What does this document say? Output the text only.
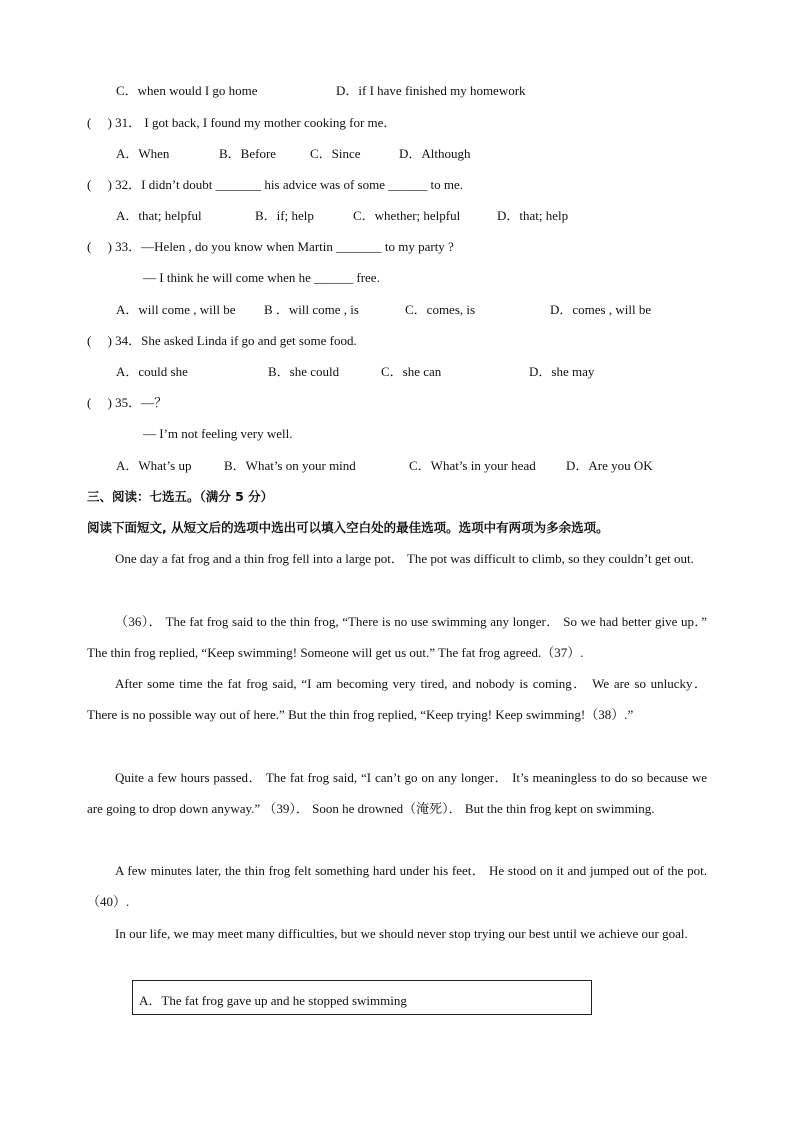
C．when would I go home	D．if I have finished my homework
(　 ) 31． I got back, I found my mother cooking for me．
A．When	B．Before	C．Since	D．Although
(　 ) 32．I didn’t doubt _______ his advice was of some ______ to me.
A．that; helpful	B．if; help	C．whether; helpful	D．that; help
(　 ) 33．—Helen , do you know when Martin _______ to my party ?
— I think he will come when he ______ free.
A．will come , will be B ．will come , is	C．comes, is	D．comes , will be
(　 ) 34．She asked Linda if go and get some food.
A．could she	B．she could	C．she can	D．she may
(　 ) 35．—？
— I’m not feeling very well.
A．What’s up	B．What’s on your mind	C．What’s in your head D．Are you OK
三、阅读：七选五。（满分 5 分）
阅读下面短文, 从短文后的选项中选出可以填入空白处的最佳选项。选项中有两项为多余选项。
One day a fat frog and a thin frog fell into a large pot． The pot was difficult to climb, so they couldn’t get out.
（36）． The fat frog said to the thin frog, “There is no use swimming any longer． So we had better give up．” The thin frog replied, “Keep swimming! Someone will get us out.” The fat frog agreed.（37）.
After some time the fat frog said, “I am becoming very tired, and nobody is coming． We are so unlucky． There is no possible way out of here.” But the thin frog replied, “Keep trying! Keep swimming!（38）.”
Quite a few hours passed． The fat frog said, “I can’t go on any longer． It’s meaningless to do so because we are going to drop down anyway.” （39）． Soon he drowned（淹死）． But the thin frog kept on swimming.
A few minutes later, the thin frog felt something hard under his feet． He stood on it and jumped out of the pot.（40）.
In our life, we may meet many difficulties, but we should never stop trying our best until we achieve our goal.
A．The fat frog gave up and he stopped swimming
